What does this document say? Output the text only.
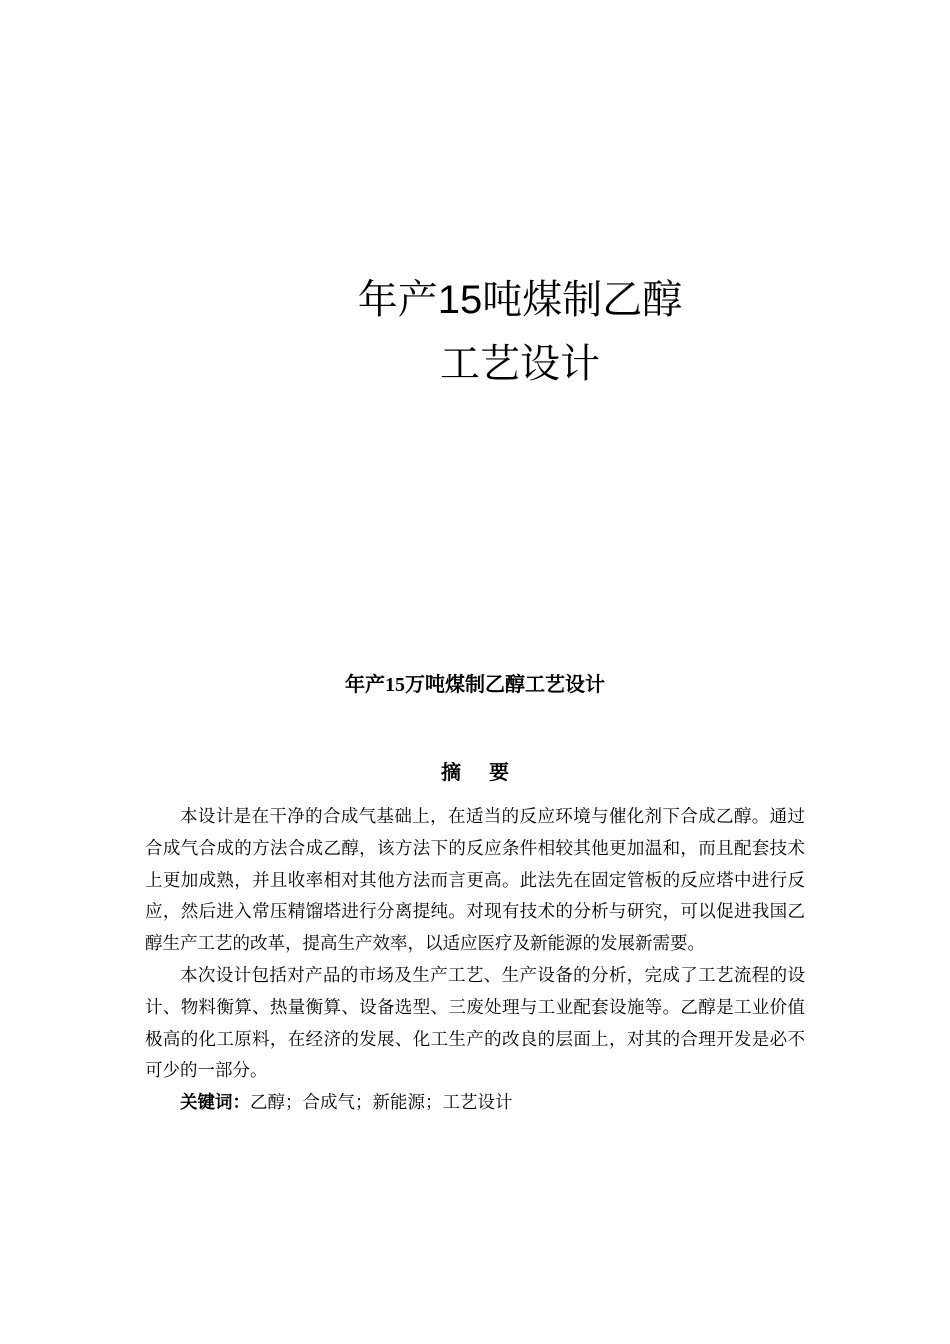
年产15吨煤制乙醇
工艺设计
年产15万吨煤制乙醇工艺设计
摘要

本设计是在干净的合成气基础上，在适当的反应环境与催化剂下合成乙醇。通过合成气合成的方法合成乙醇，该方法下的反应条件相较其他更加温和，而且配套技术上更加成熟，并且收率相对其他方法而言更高。此法先在固定管板的反应塔中进行反应，然后进入常压精馏塔进行分离提纯。对现有技术的分析与研究，可以促进我国乙醇生产工艺的改革，提高生产效率，以适应医疗及新能源的发展新需要。

本次设计包括对产品的市场及生产工艺、生产设备的分析，完成了工艺流程的设计、物料衡算、热量衡算、设备选型、三废处理与工业配套设施等。乙醇是工业价值极高的化工原料，在经济的发展、化工生产的改良的层面上，对其的合理开发是必不可少的一部分。

关键词：乙醇；合成气；新能源；工艺设计
